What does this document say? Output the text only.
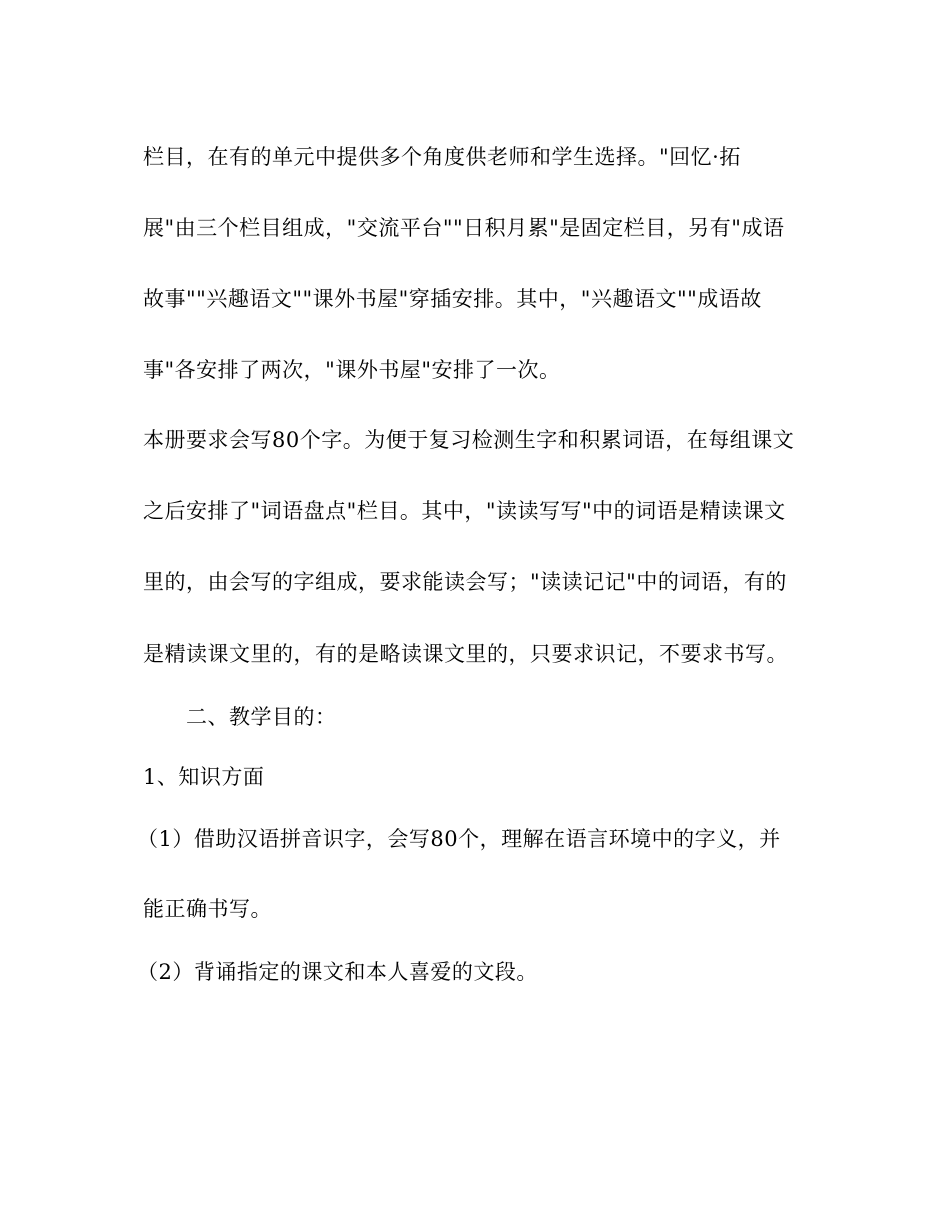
栏目，在有的单元中提供多个角度供老师和学生选择。"回忆·拓
展"由三个栏目组成，"交流平台""日积月累"是固定栏目，另有"成语
故事""兴趣语文""课外书屋"穿插安排。其中，"兴趣语文""成语故
事"各安排了两次，"课外书屋"安排了一次。
本册要求会写80个字。为便于复习检测生字和积累词语，在每组课文
之后安排了"词语盘点"栏目。其中，"读读写写"中的词语是精读课文
里的，由会写的字组成，要求能读会写；"读读记记"中的词语，有的
是精读课文里的，有的是略读课文里的，只要求识记，不要求书写。
二、教学目的：
1、知识方面
（1）借助汉语拼音识字，会写80个，理解在语言环境中的字义，并
能正确书写。
（2）背诵指定的课文和本人喜爱的文段。
